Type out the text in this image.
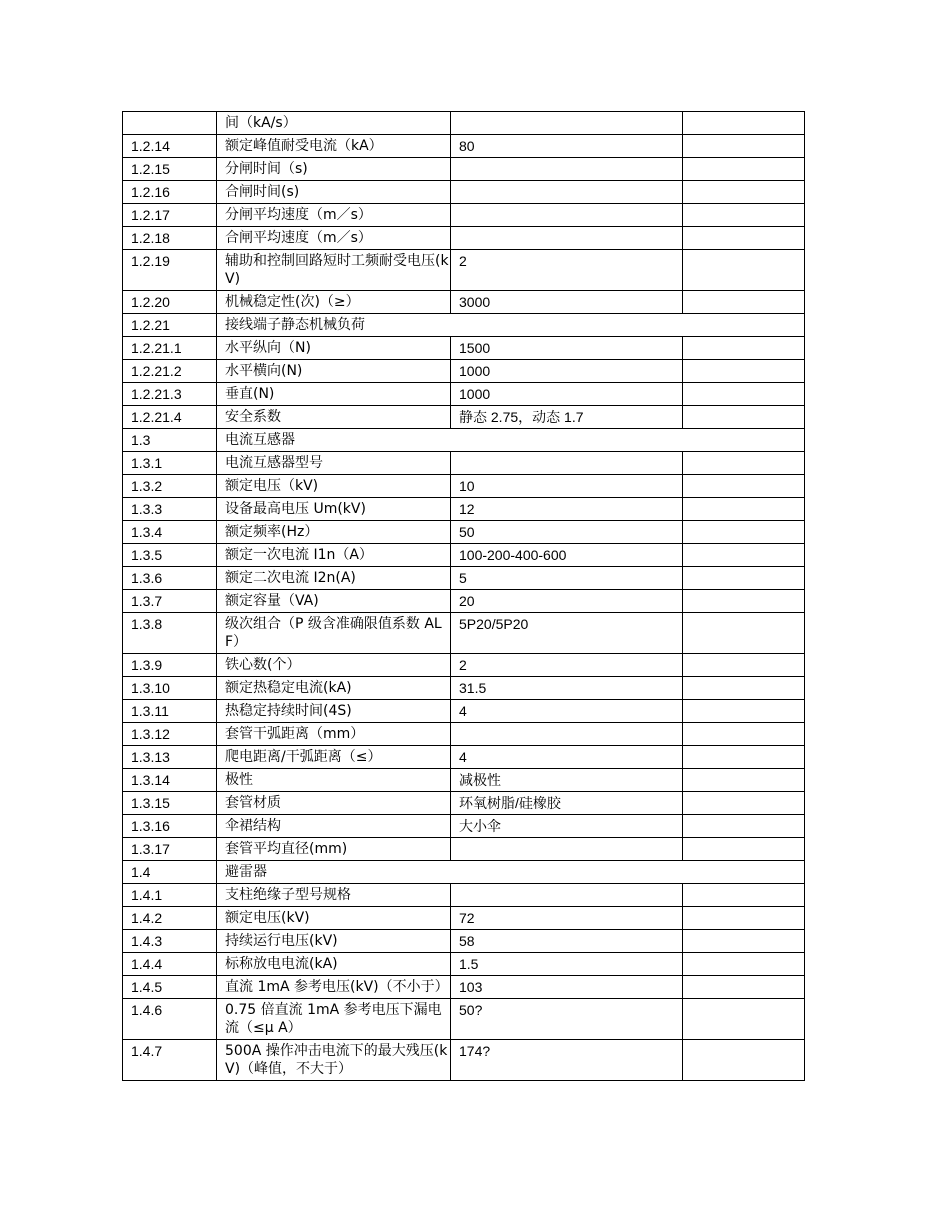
	间（kA/s）		
1.2.14	额定峰值耐受电流（kA）	80	
1.2.15	分闸时间（s)		
1.2.16	合闸时间(s)		
1.2.17	分闸平均速度（m／s）		
1.2.18	合闸平均速度（m／s）		
1.2.19	辅助和控制回路短时工频耐受电压(kV)	2	
1.2.20	机械稳定性(次)（≥）	3000	
1.2.21	接线端子静态机械负荷		
1.2.21.1	水平纵向（N)	1500	
1.2.21.2	水平横向(N)	1000	
1.2.21.3	垂直(N)	1000	
1.2.21.4	安全系数	静态 2.75，动态 1.7	
1.3	电流互感器		
1.3.1	电流互感器型号		
1.3.2	额定电压（kV)	10	
1.3.3	设备最高电压 Um(kV)	12	
1.3.4	额定频率(Hz）	50	
1.3.5	额定一次电流 I1n（A）	100-200-400-600	
1.3.6	额定二次电流 I2n(A)	5	
1.3.7	额定容量（VA)	20	
1.3.8	级次组合（P 级含准确限值系数 ALF）	5P20/5P20	
1.3.9	铁心数(个）	2	
1.3.10	额定热稳定电流(kA)	31.5	
1.3.11	热稳定持续时间(4S)	4	
1.3.12	套管干弧距离（mm）		
1.3.13	爬电距离/干弧距离（≤）	4	
1.3.14	极性	减极性	
1.3.15	套管材质	环氧树脂/硅橡胶	
1.3.16	伞裙结构	大小伞	
1.3.17	套管平均直径(mm)		
1.4	避雷器		
1.4.1	支柱绝缘子型号规格		
1.4.2	额定电压(kV)	72	
1.4.3	持续运行电压(kV)	58	
1.4.4	标称放电电流(kA)	1.5	
1.4.5	直流 1mA 参考电压(kV)（不小于）	103	
1.4.6	0.75 倍直流 1mA 参考电压下漏电流（≤μ A）	50?	
1.4.7	500A 操作冲击电流下的最大残压(kV)（峰值，不大于）	174?	
